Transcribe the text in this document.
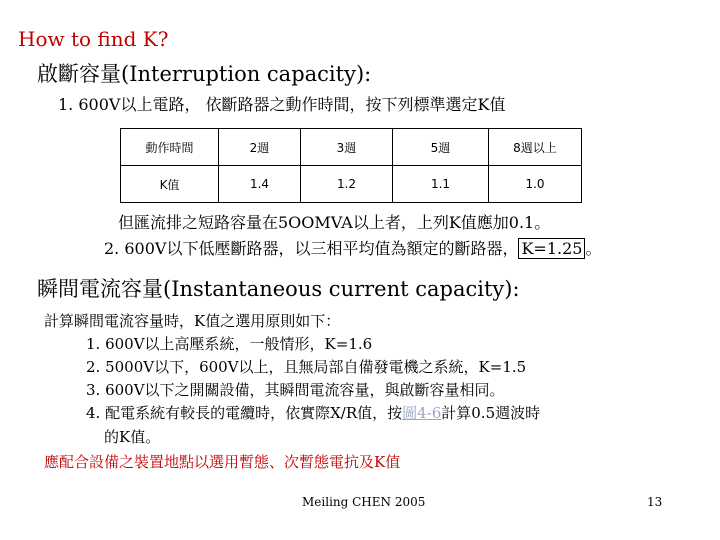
How to find K?
啟斷容量(Interruption capacity):
1. 600V以上電路， 依斷路器之動作時間，按下列標準選定K值
動作時間	2週	3週	5週	8週以上
K值	1.4	1.2	1.1	1.0
但匯流排之短路容量在5OOMVA以上者，上列K值應加0.1。
2. 600V以下低壓斷路器，以三相平均值為額定的斷路器， K=1.25 。
瞬間電流容量(Instantaneous current capacity):
計算瞬間電流容量時，K值之選用原則如下：
1. 600V以上高壓系統，一般情形，K=1.6
2. 5000V以下，600V以上，且無局部自備發電機之系統，K=1.5
3. 600V以下之開關設備，其瞬間電流容量，與啟斷容量相同。
4. 配電系統有較長的電纜時，依實際X/R值，按圖4-6計算0.5週波時
的K值。
應配合設備之裝置地點以選用暫態、次暫態電抗及K值
Meiling CHEN 2005	13
